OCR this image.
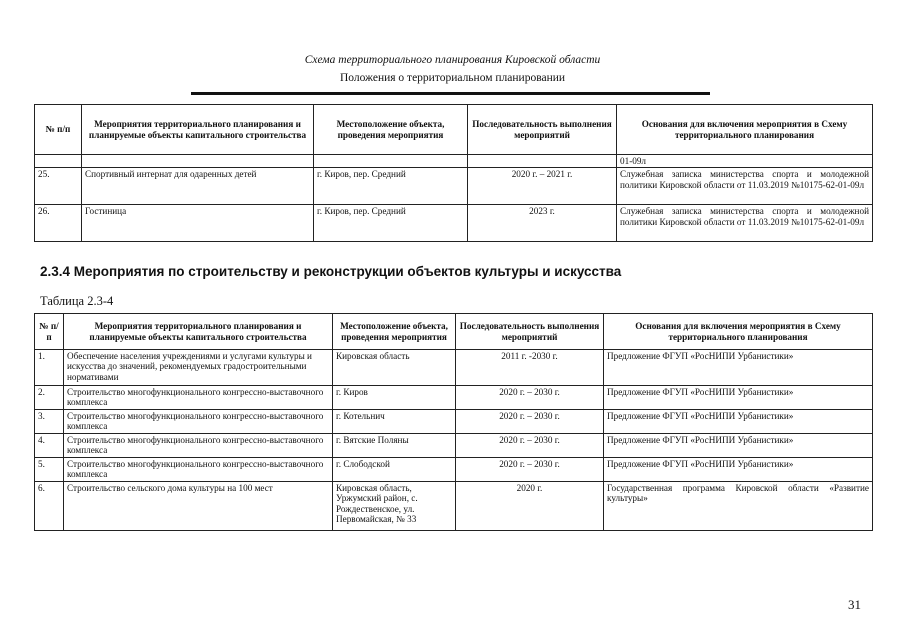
Схема территориального планирования Кировской области
Положения о территориальном планировании
№ п/п	Мероприятия территориального планирования и планируемые объекты капитального строительства	Местоположение объекта, проведения мероприятия	Последовательность выполнения мероприятий	Основания для включения мероприятия в Схему территориального планирования
				01-09л
25.	Спортивный интернат для одаренных детей	г. Киров, пер. Средний	2020 г. – 2021 г.	Служебная записка министерства спорта и молодежной политики Кировской области от 11.03.2019 №10175-62-01-09л
26.	Гостиница	г. Киров, пер. Средний	2023 г.	Служебная записка министерства спорта и молодежной политики Кировской области от 11.03.2019 №10175-62-01-09л
2.3.4 Мероприятия по строительству и реконструкции объектов культуры и искусства
Таблица 2.3-4
№ п/п	Мероприятия территориального планирования и планируемые объекты капитального строительства	Местоположение объекта, проведения мероприятия	Последовательность выполнения мероприятий	Основания для включения мероприятия в Схему территориального планирования
1.	Обеспечение населения учреждениями и услугами культуры и искусства до значений, рекомендуемых градостроительными нормативами	Кировская область	2011 г. -2030 г.	Предложение ФГУП «РосНИПИ Урбанистики»
2.	Строительство многофункционального конгрессно-выставочного комплекса	г. Киров	2020 г. – 2030 г.	Предложение ФГУП «РосНИПИ Урбанистики»
3.	Строительство многофункционального конгрессно-выставочного комплекса	г. Котельнич	2020 г. – 2030 г.	Предложение ФГУП «РосНИПИ Урбанистики»
4.	Строительство многофункционального конгрессно-выставочного комплекса	г. Вятские Поляны	2020 г. – 2030 г.	Предложение ФГУП «РосНИПИ Урбанистики»
5.	Строительство многофункционального конгрессно-выставочного комплекса	г. Слободской	2020 г. – 2030 г.	Предложение ФГУП «РосНИПИ Урбанистики»
6.	Строительство сельского дома культуры на 100 мест	Кировская область, Уржумский район, с. Рождественское, ул. Первомайская, № 33	2020 г.	Государственная программа Кировской области «Развитие культуры»
31
